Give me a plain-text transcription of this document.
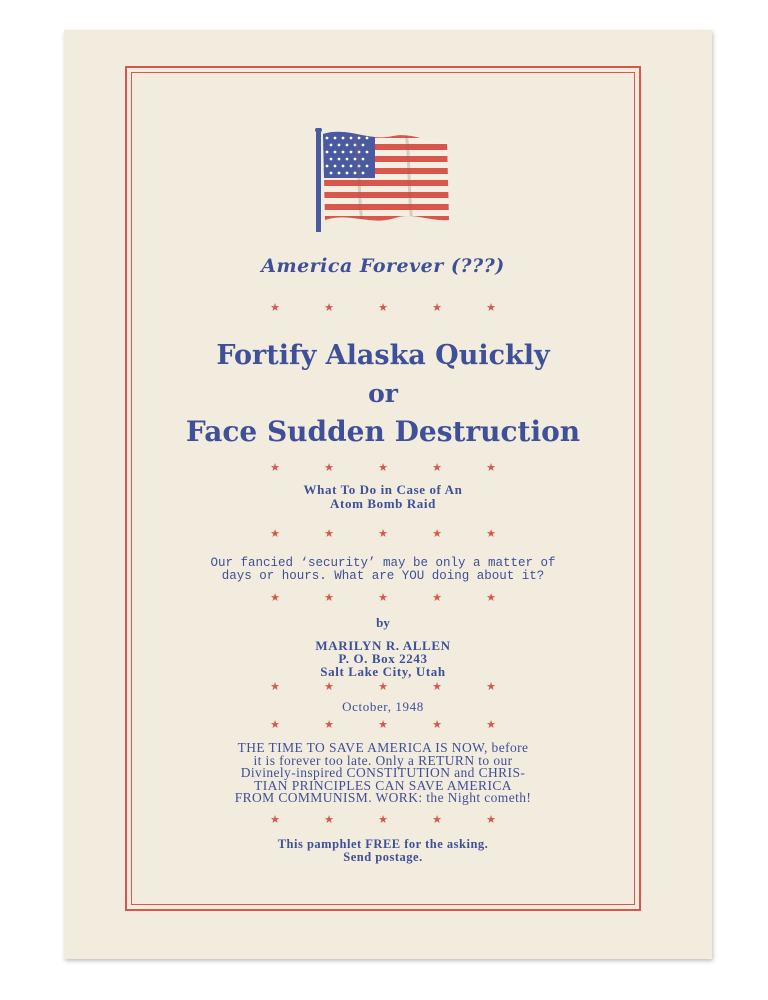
America Forever (???)
★	★	★	★	★
Fortify Alaska Quickly
or
Face Sudden Destruction
★	★	★	★	★
What To Do in Case of An
Atom Bomb Raid
★	★	★	★	★
Our fancied ‘security’ may be only a matter of
days or hours. What are YOU doing about it?
★	★	★	★	★
by
MARILYN R. ALLEN
P. O. Box 2243
Salt Lake City, Utah
★	★	★	★	★
October, 1948
★	★	★	★	★
THE TIME TO SAVE AMERICA IS NOW, before
it is forever too late. Only a RETURN to our
Divinely-inspired CONSTITUTION and CHRIS-
TIAN PRINCIPLES CAN SAVE AMERICA
FROM COMMUNISM. WORK: the Night cometh!
★	★	★	★	★
This pamphlet FREE for the asking.
Send postage.
